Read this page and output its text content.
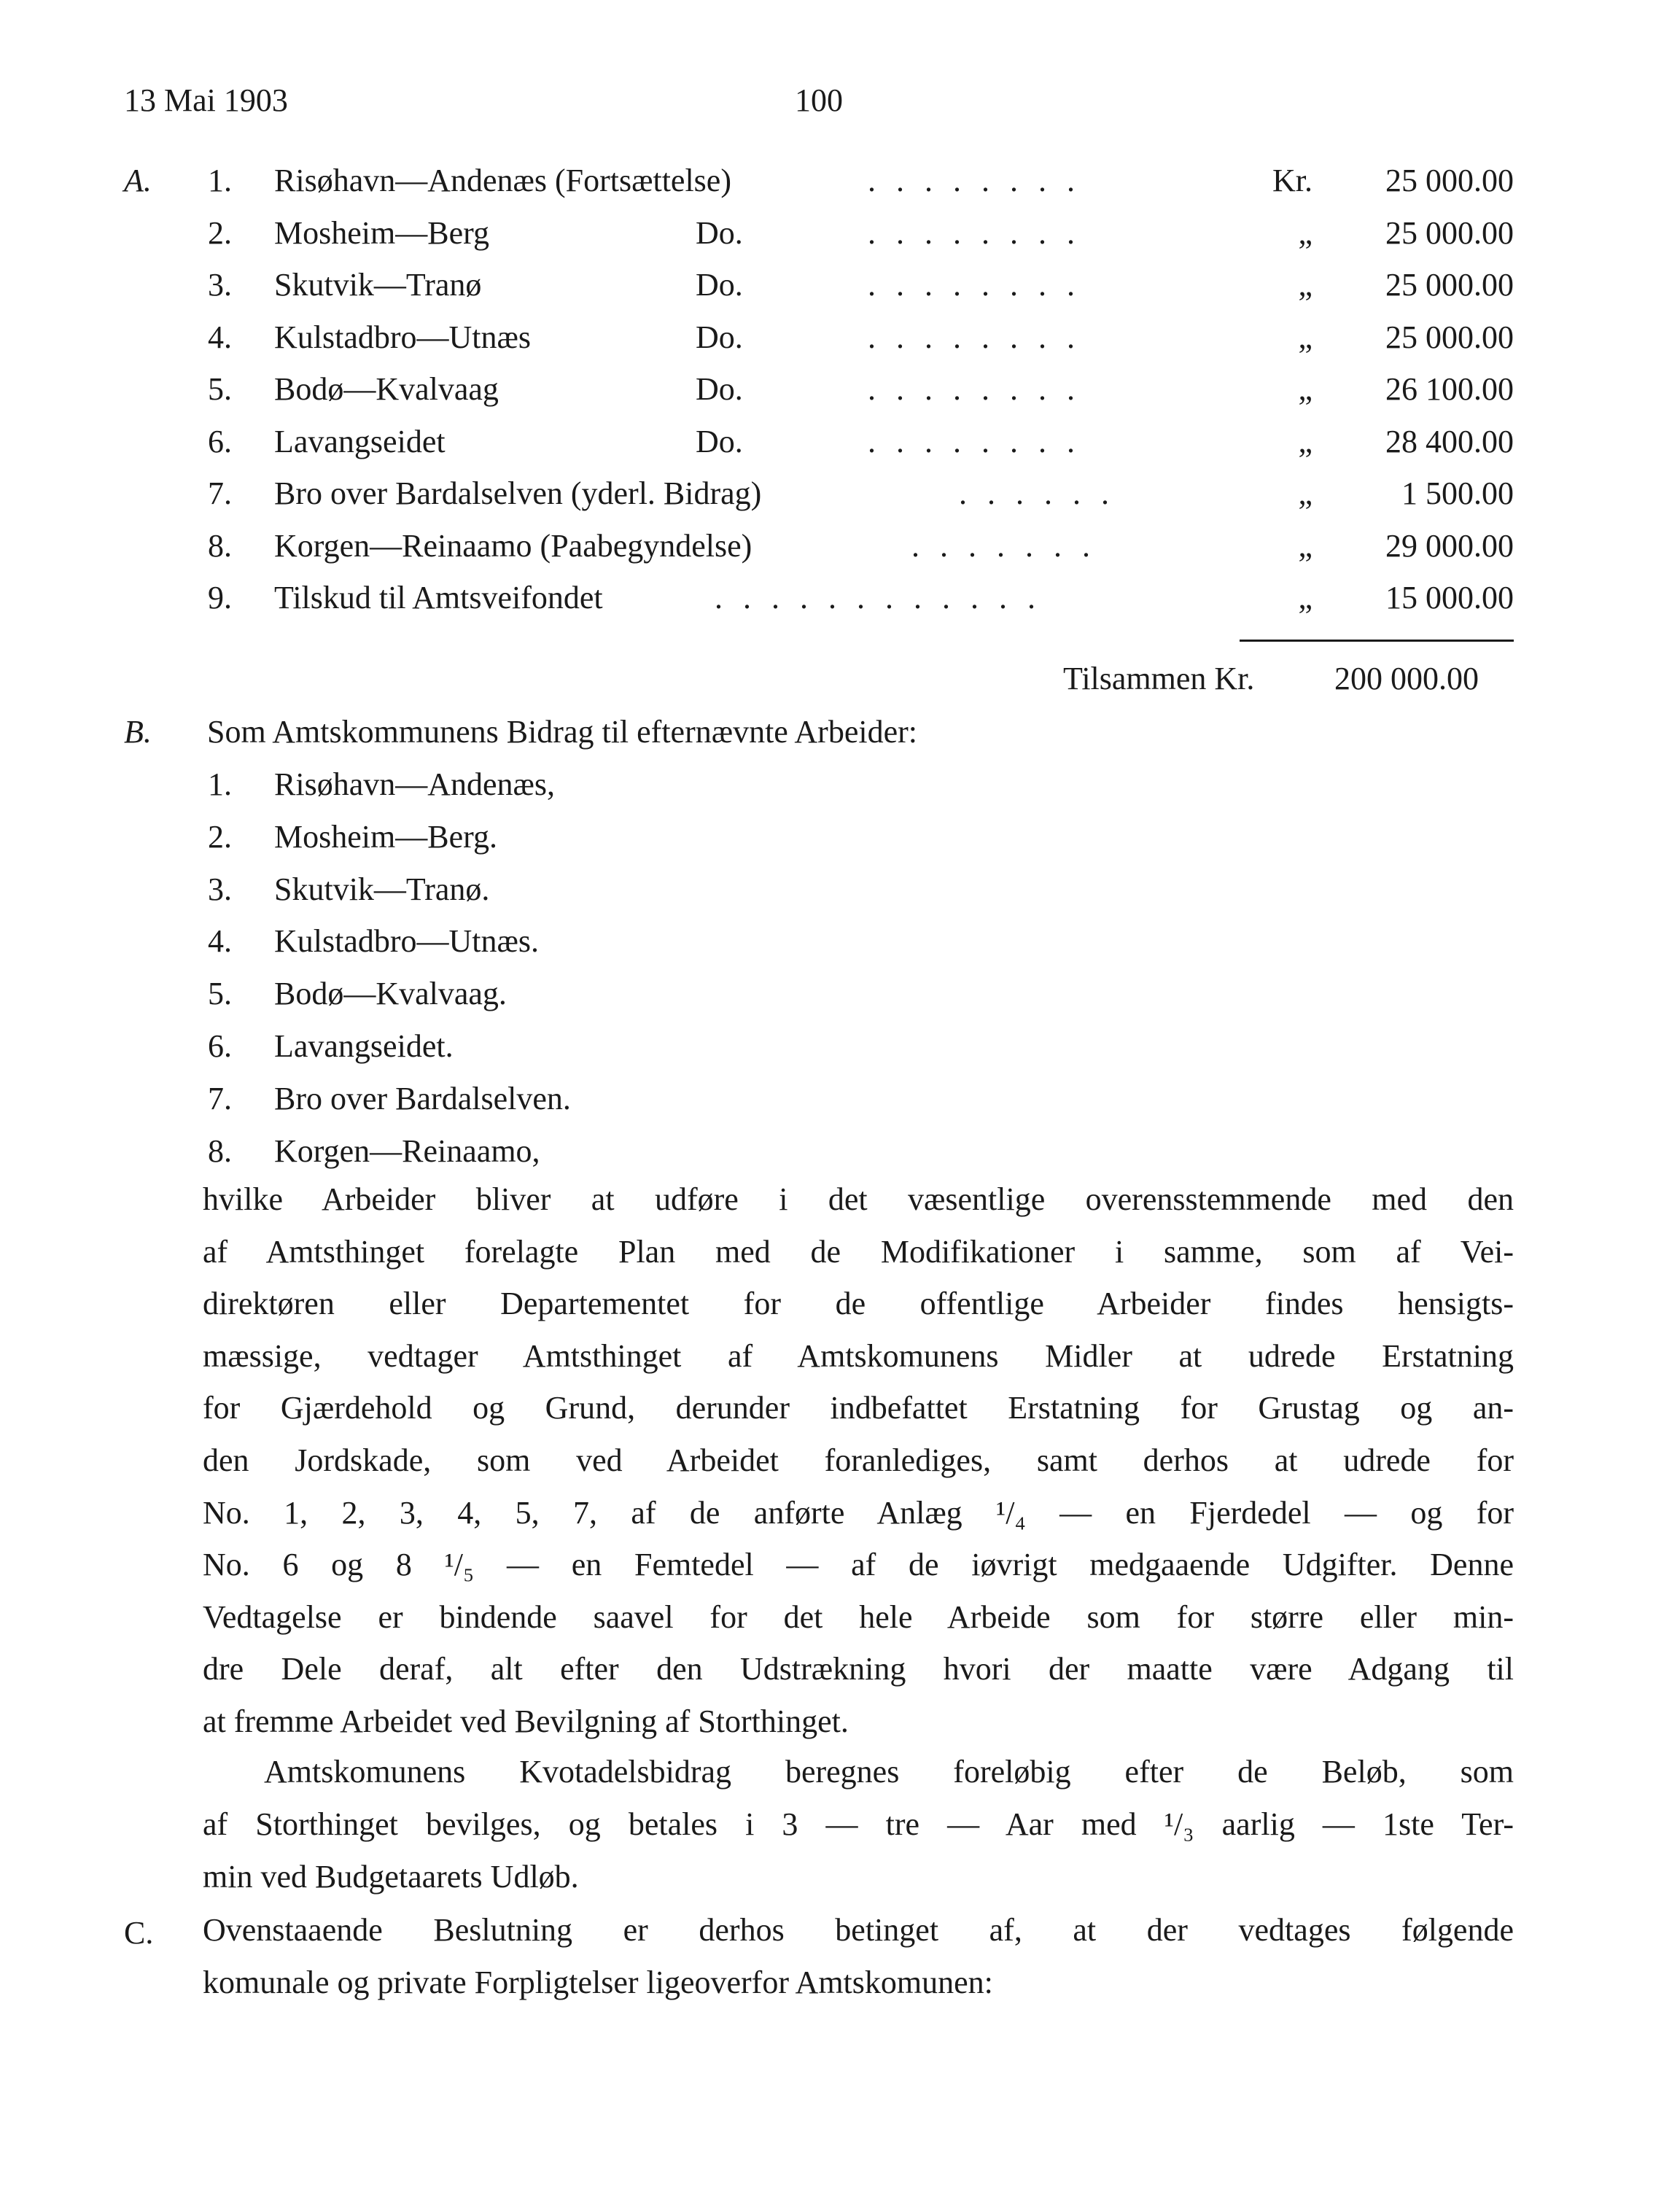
13 Mai 1903	100
A.	1. Risøhavn—Andenæs (Fortsættelse)	Kr.	25 000.00
2. Mosheim—Berg	Do.	„	25 000.00
3. Skutvik—Tranø	Do.	„	25 000.00
4. Kulstadbro—Utnæs	Do.	„	25 000.00
5. Bodø—Kvalvaag	Do.	„	26 100.00
6. Lavangseidet	Do.	„	28 400.00
7. Bro over Bardalselven (yderl. Bidrag)	„	1 500.00
8. Korgen—Reinaamo (Paabegyndelse)	„	29 000.00
9. Tilskud til Amtsveifondet	„	15 000.00
........
........
........
........
........
........
......
.......
............
Tilsammen Kr. 200 000.00
B. Som Amtskommunens Bidrag til efternævnte Arbeider:
1. Risøhavn—Andenæs,
2. Mosheim—Berg.
3. Skutvik—Tranø.
4. Kulstadbro—Utnæs.
5. Bodø—Kvalvaag.
6. Lavangseidet.
7. Bro over Bardalselven.
8. Korgen—Reinaamo,
hvilke Arbeider bliver at udføre i det væsentlige overensstemmende med den
af Amtsthinget forelagte Plan med de Modifikationer i samme, som af Vei-
direktøren eller Departementet for de offentlige Arbeider findes hensigts-
mæssige, vedtager Amtsthinget af Amtskomunens Midler at udrede Erstatning
for Gjærdehold og Grund, derunder indbefattet Erstatning for Grustag og an-
den Jordskade, som ved Arbeidet foranlediges, samt derhos at udrede for
No. 1, 2, 3, 4, 5, 7, af de anførte Anlæg ¹/₄ — en Fjerdedel — og for
No. 6 og 8 ¹/₅ — en Femtedel — af de iøvrigt medgaaende Udgifter. Denne
Vedtagelse er bindende saavel for det hele Arbeide som for større eller min-
dre Dele deraf, alt efter den Udstrækning hvori der maatte være Adgang til
at fremme Arbeidet ved Bevilgning af Storthinget.
Amtskomunens Kvotadelsbidrag beregnes foreløbig efter de Beløb, som
af Storthinget bevilges, og betales i 3 — tre — Aar med ¹/₃ aarlig — 1ste Ter-
min ved Budgetaarets Udløb.
C. Ovenstaaende Beslutning er derhos betinget af, at der vedtages følgende
komunale og private Forpligtelser ligeoverfor Amtskomunen:
